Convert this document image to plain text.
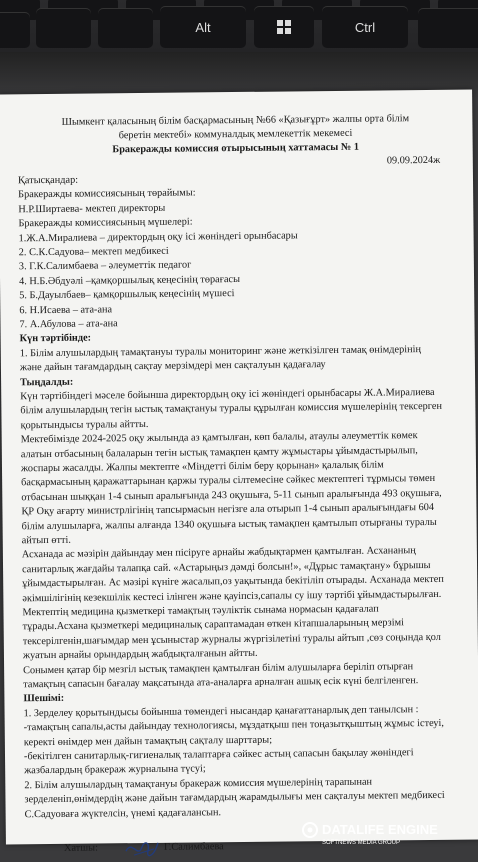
Alt	Ctrl
Шымкент қаласының білім басқармасының №66 «Қазығұрт» жалпы орта білім
беретін мектебі» коммуналдық мемлекеттік мекемесі
Бракеражды комиссия отырысының хаттамасы № 1
09.09.2024ж
Қатысқандар:
Бракеражды комиссиясының төрайымы:
Н.Р.Ширтаева- мектеп директоры
Бракеражды комиссиясының мүшелері:
1.Ж.А.Миралиева – директордың оқу ісі жөніндегі орынбасары
2. С.К.Садуова– мектеп медбикесі
3. Г.К.Салимбаева – әлеуметтік педагог
4. Н.Б.Әбдуәлі –қамқоршылық кеңесінің төрағасы
5. Б.Дауылбаев– қамқоршылық кеңесінің мүшесі
6. Н.Исаева – ата-ана
7. А.Абулова – ата-ана
Күн тәртібінде:
1. Білім алушылардың тамақтануы туралы мониторинг және жеткізілген тамақ өнімдерінің
және дайын тағамдардың сақтау мерзімдері мен сақталуын қадағалау
Тыңдалды:
Күн тәртібіндегі мәселе бойынша директордың оқу ісі жөніндегі орынбасары Ж.А.Миралиева
білім алушылардың тегін ыстық тамақтануы туралы құрылған комиссия мүшелерінің тексерген
қорытындысы туралы айтты.
Мектебімізде 2024-2025 оқу жылында аз қамтылған, көп балалы, атаулы әлеуметтік көмек
алатын отбасының балаларын тегін ыстық тамақпен қамту жұмыстары ұйымдастырылып,
жоспары жасалды. Жалпы мектепте «Міндетті білім беру қорынан» қалалық білім
басқармасының қаражаттарынан қаржы туралы сілтемесіне сәйкес мектептегі тұрмысы төмен
отбасынан шыққан 1-4 сынып аралығында 243 оқушыға, 5-11 сынып аралығында 493 оқушыға,
ҚР Оқу ағарту министрлігінің тапсырмасын негізге ала отырып 1-4 сынып аралығындағы 604
білім алушыларға, жалпы алғанда 1340 оқушыға ыстық тамақпен қамтылып отырғаны туралы
айтып өтті.
Асханада ас мәзірін дайындау мен пісіруге арнайы жабдықтармен қамтылған. Асхананың
санитарлық жағдайы талапқа сай. «Астарыңыз дәмді болсын!», «Дұрыс тамақтану» бұрышы
ұйымдастырылған. Ас мәзірі күніге жасалып,оз уақытында бекітіліп отырады. Асханада мектеп
әкімшілігінің кезекшілік кестесі ілінген және қауіпсіз,сапалы су ішу тәртібі ұйымдастырылған.
Мектептің медицина қызметкері тамақтың тәуліктік сынама нормасын қадағалап
тұрады.Асхана қызметкері медициналық сараптамадан өткен кітапшаларының мерзімі
тексерілгенін,шағымдар мен ұсыныстар журналы жүргізілетіні туралы айтып ,сөз соңында қол
жуатын арнайы орындардың жабдықталғанын айтты.
Сонымен қатар бір мезгіл ыстық тамақпен қамтылған білім алушыларға беріліп отырған
тамақтың сапасын бағалау мақсатында ата-аналарға арналған ашық есік күні белгіленген.
Шешімі:
1. Зерделеу қорытындысы бойынша төмендегі нысандар қанағаттанарлық деп танылсын :
-тамақтың сапалы,асты дайындау технологиясы, мұздатқыш пен тоңазытқыштың жұмыс істеуі,
керекті өнімдер мен дайын тамақтың сақталу шарттары;
-бекітілген санитарлық-гигиеналық талаптарға сәйкес астың сапасын бақылау жөніндегі
жазбалардың бракераж журналына түсуі;
2. Білім алушылардың тамақтануы бракераж комиссия мүшелерінің тарапынан
зерделеніп,өнімдердің және дайын тағамдардың жарамдылығы мен сақталуы мектеп медбикесі
С.Садуоваға жүктелсін, үнемі қадағалансын.
Хатшы:	Г.Салимбаева
DATALIFE ENGINE
SOFTNEWS MEDIA GROUP
